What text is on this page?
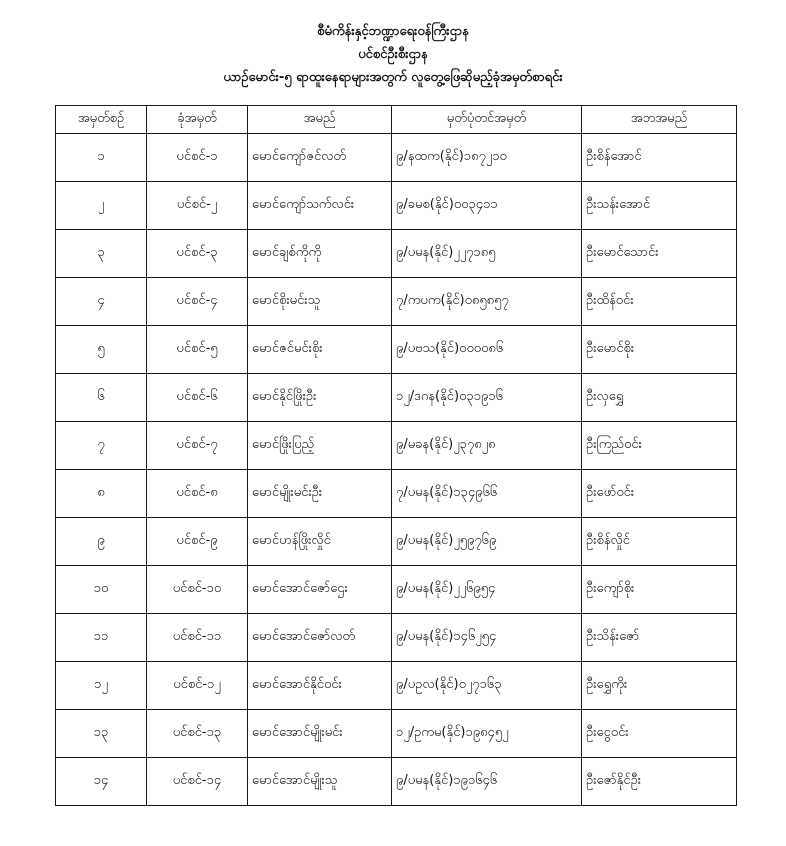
စီမံကိန်းနှင့်ဘဏ္ဍာရေးဝန်ကြီးဌာန
ပင်စင်ဦးစီးဌာန
ယာဉ်မောင်း-၅ ရာထူးနေရာများအတွက် လူတွေ့ဖြေဆိုမည့်ခုံအမှတ်စာရင်း
အမှတ်စဉ်	ခုံအမှတ်	အမည်	မှတ်ပုံတင်အမှတ်	အဘအမည်
၁	ပင်စင်-၁	မောင်ကျော်ဇင်လတ်	၉/နထက(နိုင်)၁၈၇၂၁၀	ဦးစိန်အောင်
၂	ပင်စင်-၂	မောင်ကျော်သက်လင်း	၉/ခမစ(နိုင်)၀၀၃၄၁၁	ဦးသန်းအောင်
၃	ပင်စင်-၃	မောင်ချစ်ကိုကို	၉/ပမန(နိုင်)၂၂၇၁၈၅	ဦးမောင်သောင်း
၄	ပင်စင်-၄	မောင်စိုးမင်းသူ	၇/ကပက(နိုင်)၀၈၅၈၅၇	ဦးထိန်ဝင်း
၅	ပင်စင်-၅	မောင်ဇင်မင်းစိုး	၉/ပဗသ(နိုင်)၀၀၀၀၈၆	ဦးမောင်စိုး
၆	ပင်စင်-၆	မောင်နိုင်ဖြိုးဦး	၁၂/ဒဂန(နိုင်)၀၃၁၉၁၆	ဦးလှရွှေ
၇	ပင်စင်-၇	မောင်ဖြိုးပြည့်	၉/မခန(နိုင်)၂၃၇၈၂၈	ဦးကြည်ဝင်း
၈	ပင်စင်-၈	မောင်မျိုးမင်းဦး	၇/ပမန(နိုင်)၁၃၄၉၆၆	ဦးဖော်ဝင်း
၉	ပင်စင်-၉	မောင်ဟန်ဖြိုးလှိုင်	၉/ပမန(နိုင်)၂၅၉၇၆၉	ဦးစိန်လှိုင်
၁၀	ပင်စင်-၁၀	မောင်အောင်ဇော်ဌေး	၉/ပမန(နိုင်)၂၂၆၉၅၄	ဦးကျော်စိုး
၁၁	ပင်စင်-၁၁	မောင်အောင်ဇော်လတ်	၉/ပမန(နိုင်)၁၄၆၂၅၄	ဦးသိန်းဇော်
၁၂	ပင်စင်-၁၂	မောင်အောင်နိုင်ဝင်း	၉/ပဥလ(နိုင်)၀၂၇၁၆၃	ဦးရွှေကိုး
၁၃	ပင်စင်-၁၃	မောင်အောင်မျိုးမင်း	၁၂/ဥကမ(နိုင်)၁၉၈၄၅၂	ဦးငွေဝင်း
၁၄	ပင်စင်-၁၄	မောင်အောင်မျိုးသူ	၉/ပမန(နိုင်)၁၉၁၆၄၆	ဦးဇော်နိုင်ဦး
